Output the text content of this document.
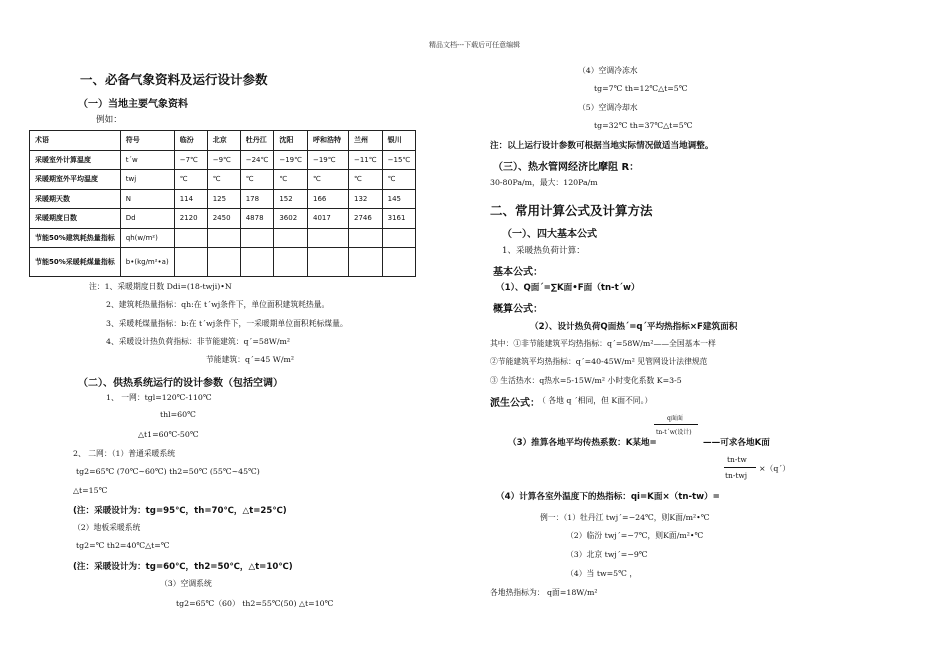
精品文档---下载后可任意编辑
一、必备气象资料及运行设计参数
（一）当地主要气象资料
例如：
术语	符号	临汾	北京	牡丹江	沈阳	呼和浩特	兰州	银川
采暖室外计算温度	tˊw	−7℃	−9℃	−24℃	−19℃	−19℃	−11℃	−15℃
采暖期室外平均温度	twj	℃	℃	℃	℃	℃	℃	℃
采暖期天数	N	114	125	178	152	166	132	145
采暖期度日数	Dd	2120	2450	4878	3602	4017	2746	3161
节能50%建筑耗热量指标	qh(w/m²)							
节能50%采暖耗煤量指标	b•(kg/m²•a)							
注：1、采暖期度日数 Ddi=(18-twji)•N
2、建筑耗热量指标：qh:在 tˊwj条件下，单位面积建筑耗热量。
3、采暖耗煤量指标：b:在 tˊwj条件下，一采暖期单位面积耗标煤量。
4、采暖设计热负荷指标：非节能建筑：qˊ=58W/m²
节能建筑：qˊ=45 W/m²
（二）、供热系统运行的设计参数（包括空调）
1、 一网：tgl=120℃-110℃
thl=60℃
△t1=60℃-50℃
2、 二网：（1）普通采暖系统
tg2=65℃ (70℃~60℃) th2=50℃ (55℃~45℃)
△t=15℃
(注：采暖设计为：tg=95℃，th=70℃，△t=25℃)
（2）地板采暖系统
tg2=℃ th2=40℃△t=℃
(注：采暖设计为：tg=60℃，th2=50℃，△t=10℃)
（3）空调系统
tg2=65℃（60） th2=55℃(50) △t=10℃
（4）空调冷冻水
tg=7℃ th=12℃△t=5℃
（5）空调冷却水
tg=32℃ th=37℃△t=5℃
注：以上运行设计参数可根据当地实际情况做适当地调整。
（三）、热水管网经济比摩阻 R：
30-80Pa/m，最大：120Pa/m
二、常用计算公式及计算方法
（一）、四大基本公式
1、采暖热负荷计算：
基本公式：
（1）、Q面ˊ=∑K面•F面（tn-tˊw）
概算公式：
（2）、设计热负荷Q面热ˊ=qˊ平均热指标×F建筑面积
其中：①非节能建筑平均热指标：qˊ=58W/m²——全国基本一样
②节能建筑平均热指标：qˊ=40-45W/m² 见管网设计法律规范
③ 生活热水：q热水=5-15W/m² 小时变化系数 K=3-5
派生公式：
（ 各地 q ˊ相同，但 K面不同。）
q面面
tn-tˊw(设计)
（3）推算各地平均传热系数：K某地=	——可求各地K面
tn-tw
tn-twj
×（qˊ）
（4）计算各室外温度下的热指标：qi=K面×（tn-tw）=
例一：（1）牡丹江 twjˊ=−24℃，则K面/m²•℃
（2）临汾 twjˊ=−7℃，则K面/m²•℃
（3）北京 twjˊ=−9℃
（4）当 tw=5℃ ，
各地热指标为： q面=18W/m²
